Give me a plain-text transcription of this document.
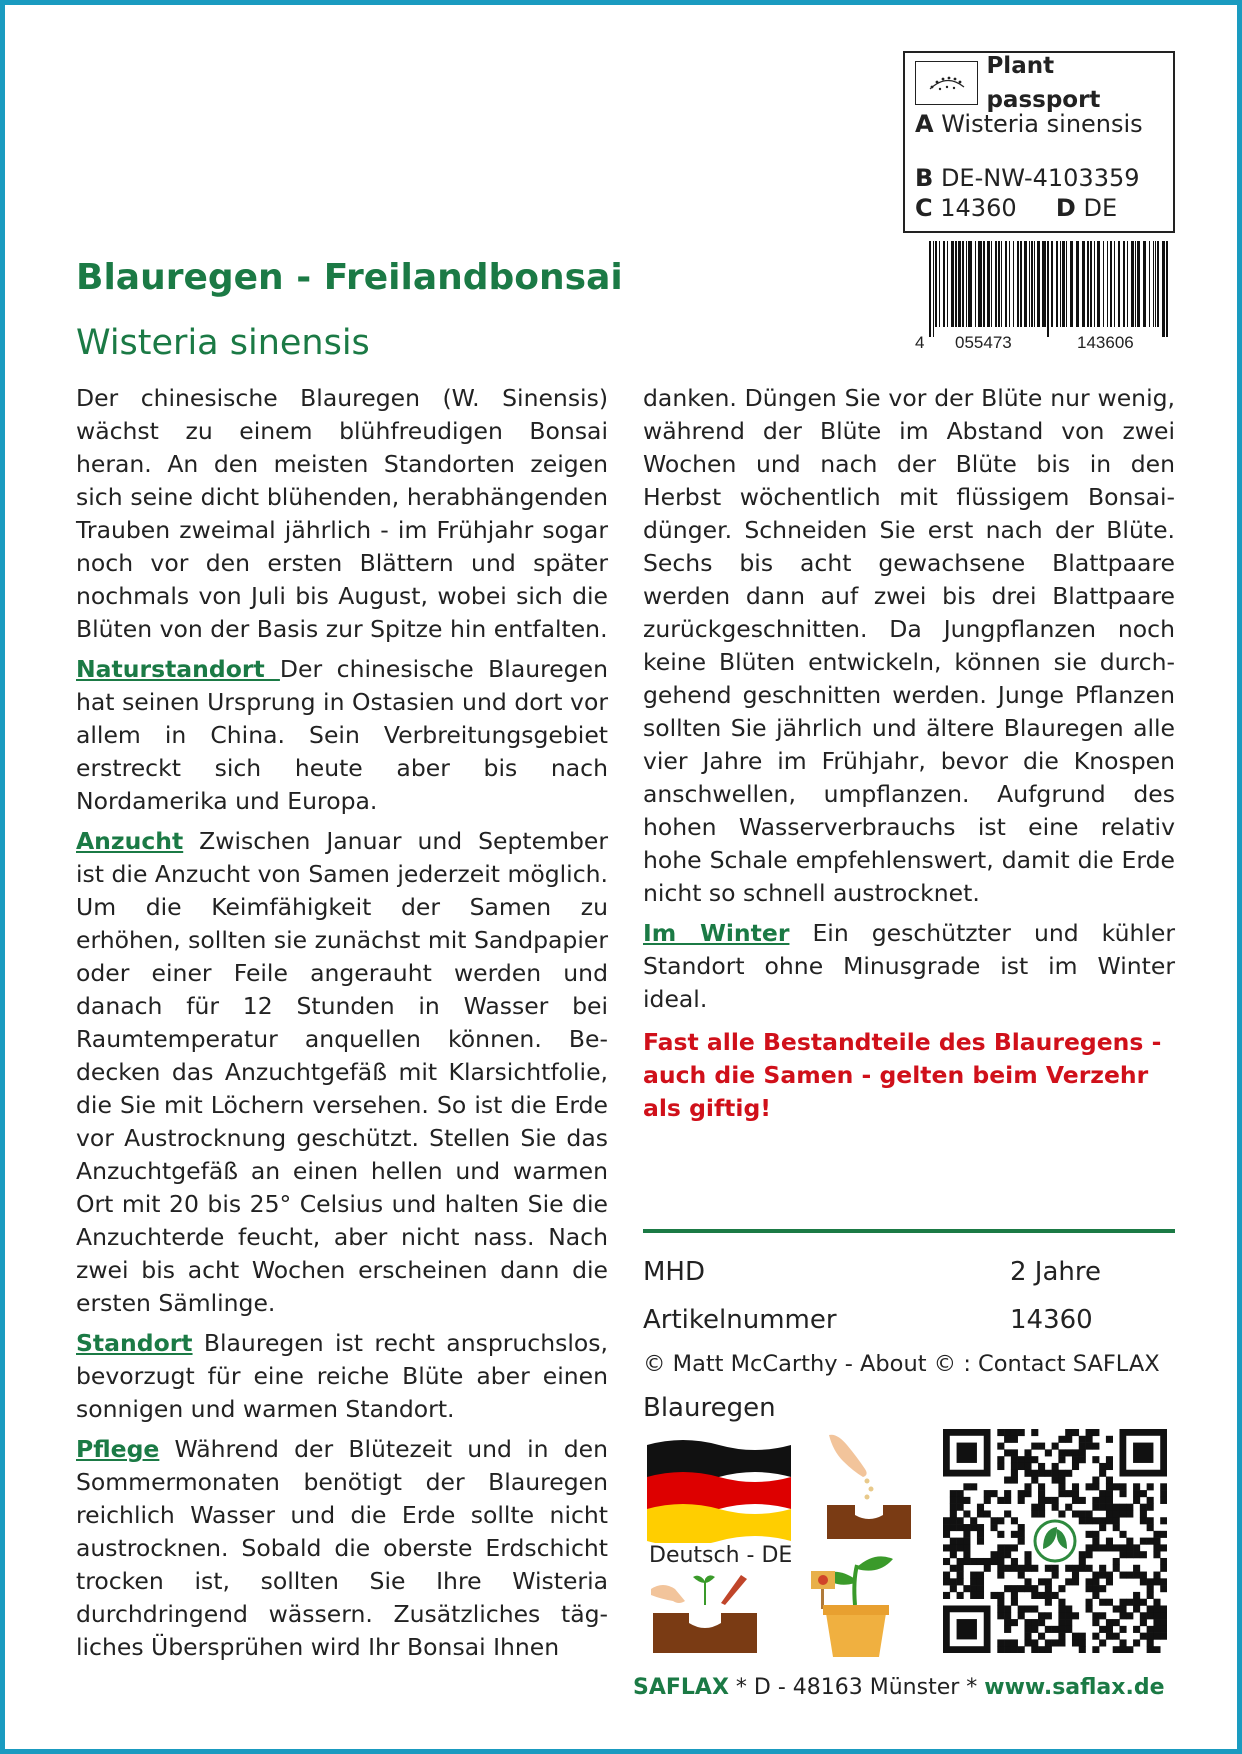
Plant passport
A Wisteria sinensis
B DE-NW-4103359
C 14360 D DE
4 055473	143606
Blauregen - Freilandbonsai
Wisteria sinensis

Der chinesische Blauregen (W. Sinensis) wächst zu einem blühfreudigen Bonsai heran. An den meisten Standorten zeigen sich seine dicht blühenden, herabhängenden Trauben zweimal jährlich - im Frühjahr sogar noch vor den ersten Blättern und später nochmals von Juli bis August, wobei sich die Blüten von der Basis zur Spitze hin entfalten.

Naturstandort Der chinesische Blauregen hat seinen Ursprung in Ostasien und dort vor allem in China. Sein Verbreitungsgebiet erstreckt sich heute aber bis nach Nordamerika und Europa.

Anzucht Zwischen Januar und September ist die Anzucht von Samen jederzeit möglich. Um die Keimfähigkeit der Samen zu erhöhen, sollten sie zunächst mit Sandpapier oder einer Feile angerauht werden und danach für 12 Stunden in Wasser bei Raumtemperatur anquellen können. Bedecken das Anzuchtgefäß mit Klarsichtfolie, die Sie mit Löchern versehen. So ist die Erde vor Austrocknung geschützt. Stellen Sie das Anzuchtgefäß an einen hellen und warmen Ort mit 20 bis 25° Celsius und halten Sie die Anzuchterde feucht, aber nicht nass. Nach zwei bis acht Wochen erscheinen dann die ersten Sämlinge.

Standort Blauregen ist recht anspruchslos, bevorzugt für eine reiche Blüte aber einen sonnigen und warmen Standort.

Pflege Während der Blütezeit und in den Sommermonaten benötigt der Blauregen reichlich Wasser und die Erde sollte nicht austrocknen. Sobald die oberste Erdschicht trocken ist, sollten Sie Ihre Wisteria durchdringend wässern. Zusätzliches tägliches Übersprühen wird Ihr Bonsai Ihnen

danken. Düngen Sie vor der Blüte nur wenig, während der Blüte im Abstand von zwei Wochen und nach der Blüte bis in den Herbst wöchentlich mit flüssigem Bonsaidünger. Schneiden Sie erst nach der Blüte. Sechs bis acht gewachsene Blattpaare werden dann auf zwei bis drei Blattpaare zurückgeschnitten. Da Jungpflanzen noch keine Blüten entwickeln, können sie durchgehend geschnitten werden. Junge Pflanzen sollten Sie jährlich und ältere Blauregen alle vier Jahre im Frühjahr, bevor die Knospen anschwellen, umpflanzen. Aufgrund des hohen Wasserverbrauchs ist eine relativ hohe Schale empfehlenswert, damit die Erde nicht so schnell austrocknet.

Im Winter Ein geschützter und kühler Standort ohne Minusgrade ist im Winter ideal.

Fast alle Bestandteile des Blauregens - auch die Samen - gelten beim Verzehr als giftig!

MHD	2 Jahre
Artikelnummer	14360
© Matt McCarthy - About © : Contact SAFLAX
Blauregen
Deutsch - DE
SAFLAX * D - 48163 Münster * www.saflax.de
